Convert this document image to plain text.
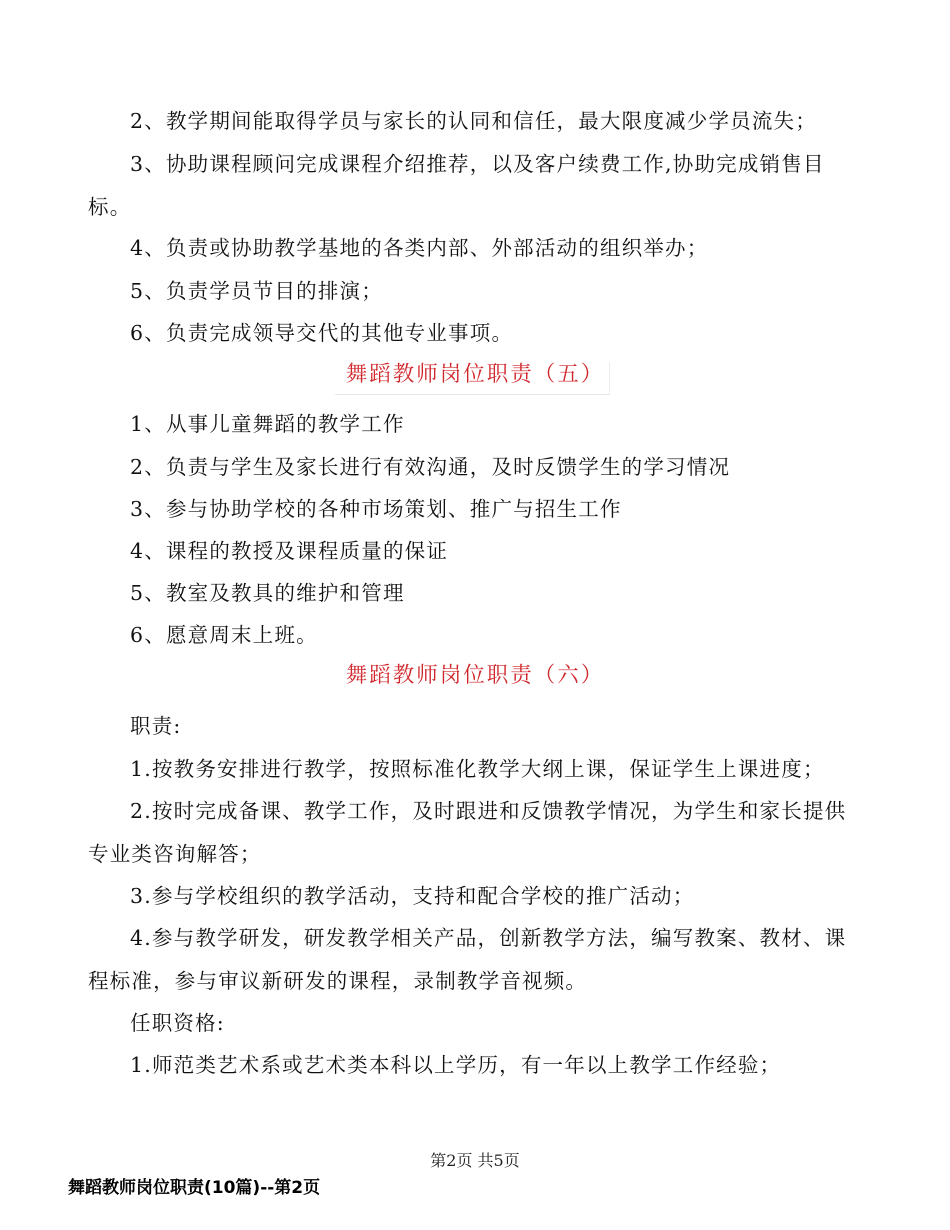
2、教学期间能取得学员与家长的认同和信任，最大限度减少学员流失；
3、协助课程顾问完成课程介绍推荐，以及客户续费工作,协助完成销售目
标。
4、负责或协助教学基地的各类内部、外部活动的组织举办；
5、负责学员节目的排演；
6、负责完成领导交代的其他专业事项。
舞蹈教师岗位职责（五）
1、从事儿童舞蹈的教学工作
2、负责与学生及家长进行有效沟通，及时反馈学生的学习情况
3、参与协助学校的各种市场策划、推广与招生工作
4、课程的教授及课程质量的保证
5、教室及教具的维护和管理
6、愿意周末上班。
舞蹈教师岗位职责（六）
职责:
1.按教务安排进行教学，按照标准化教学大纲上课，保证学生上课进度；
2.按时完成备课、教学工作，及时跟进和反馈教学情况，为学生和家长提供
专业类咨询解答；
3.参与学校组织的教学活动，支持和配合学校的推广活动；
4.参与教学研发，研发教学相关产品，创新教学方法，编写教案、教材、课
程标准，参与审议新研发的课程，录制教学音视频。
任职资格:
1.师范类艺术系或艺术类本科以上学历，有一年以上教学工作经验；
第2页 共5页
舞蹈教师岗位职责(10篇)--第2页
